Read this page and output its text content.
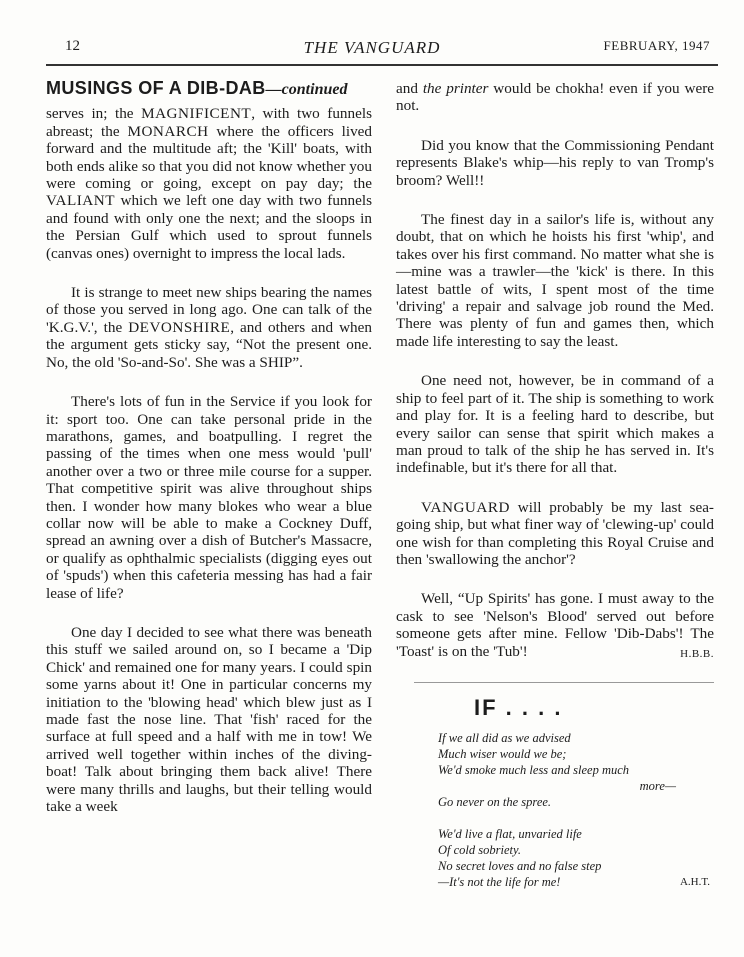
12	THE VANGUARD	FEBRUARY, 1947
MUSINGS OF A DIB-DAB—continued

serves in; the MAGNIFICENT, with two funnels abreast; the MONARCH where the officers lived forward and the multitude aft; the 'Kill' boats, with both ends alike so that you did not know whether you were coming or going, except on pay day; the VALIANT which we left one day with two funnels and found with only one the next; and the sloops in the Persian Gulf which used to sprout funnels (canvas ones) overnight to impress the local lads.

It is strange to meet new ships bearing the names of those you served in long ago. One can talk of the 'K.G.V.', the DEVONSHIRE, and others and when the argument gets sticky say, “Not the present one. No, the old 'So-and-So'. She was a SHIP”.

There's lots of fun in the Service if you look for it: sport too. One can take personal pride in the marathons, games, and boatpulling. I regret the passing of the times when one mess would 'pull' another over a two or three mile course for a supper. That competitive spirit was alive throughout ships then. I wonder how many blokes who wear a blue collar now will be able to make a Cockney Duff, spread an awning over a dish of Butcher's Massacre, or qualify as ophthalmic specialists (digging eyes out of 'spuds') when this cafeteria messing has had a fair lease of life?

One day I decided to see what there was beneath this stuff we sailed around on, so I became a 'Dip Chick' and remained one for many years. I could spin some yarns about it! One in particular concerns my initiation to the 'blowing head' which blew just as I made fast the nose line. That 'fish' raced for the surface at full speed and a half with me in tow! We arrived well together within inches of the diving-boat! Talk about bringing them back alive! There were many thrills and laughs, but their telling would take a week

and the printer would be chokha! even if you were not.

Did you know that the Commissioning Pendant represents Blake's whip—his reply to van Tromp's broom? Well!!

The finest day in a sailor's life is, without any doubt, that on which he hoists his first 'whip', and takes over his first command. No matter what she is—mine was a trawler—the 'kick' is there. In this latest battle of wits, I spent most of the time 'driving' a repair and salvage job round the Med. There was plenty of fun and games then, which made life interesting to say the least.

One need not, however, be in command of a ship to feel part of it. The ship is something to work and play for. It is a feeling hard to describe, but every sailor can sense that spirit which makes a man proud to talk of the ship he has served in. It's indefinable, but it's there for all that.

VANGUARD will probably be my last sea-going ship, but what finer way of 'clewing-up' could one wish for than completing this Royal Cruise and then 'swallowing the anchor'?

Well, “Up Spirits' has gone. I must away to the cask to see 'Nelson's Blood' served out before someone gets after mine. Fellow 'Dib-Dabs'! The 'Toast' is on the 'Tub'!	H.B.B.

IF . . . .
If we all did as we advised
Much wiser would we be;
We'd smoke much less and sleep much
more—
Go never on the spree.
We'd live a flat, unvaried life
Of cold sobriety.
No secret loves and no false step
—It's not the life for me!	A.H.T.
